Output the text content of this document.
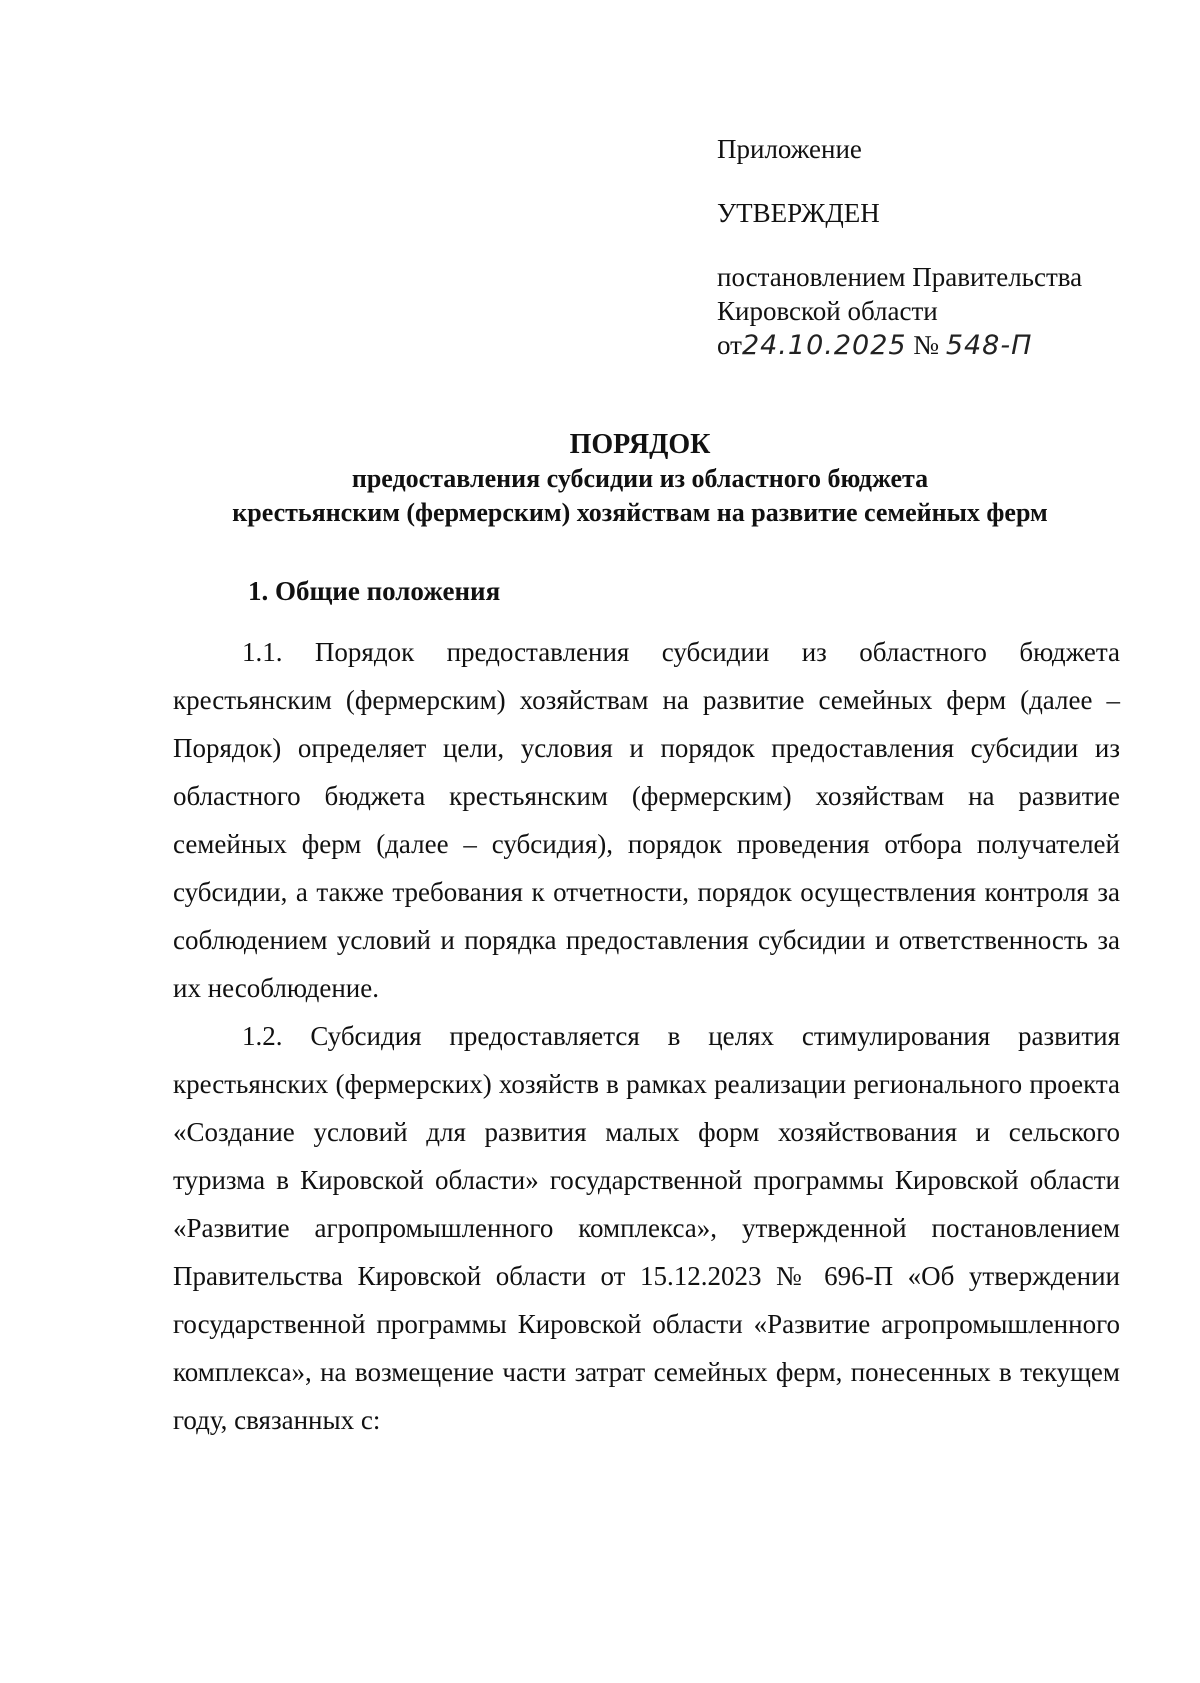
Приложение
УТВЕРЖДЕН
постановлением Правительства
Кировской области
от24.10.2025 № 548-П
ПОРЯДОК
предоставления субсидии из областного бюджета
крестьянским (фермерским) хозяйствам на развитие семейных ферм
1. Общие положения

1.1. Порядок предоставления субсидии из областного бюджета крестьянским (фермерским) хозяйствам на развитие семейных ферм (далее – Порядок) определяет цели, условия и порядок предоставления субсидии из областного бюджета крестьянским (фермерским) хозяйствам на развитие семейных ферм (далее – субсидия), порядок проведения отбора получателей субсидии, а также требования к отчетности, порядок осуществления контроля за соблюдением условий и порядка предоставления субсидии и ответственность за их несоблюдение.

1.2. Субсидия предоставляется в целях стимулирования развития крестьянских (фермерских) хозяйств в рамках реализации регионального проекта «Создание условий для развития малых форм хозяйствования и сельского туризма в Кировской области» государственной программы Кировской области «Развитие агропромышленного комплекса», утвержденной постановлением Правительства Кировской области от 15.12.2023 № 696-П «Об утверждении государственной программы Кировской области «Развитие агропромышленного комплекса», на возмещение части затрат семейных ферм, понесенных в текущем году, связанных с:
